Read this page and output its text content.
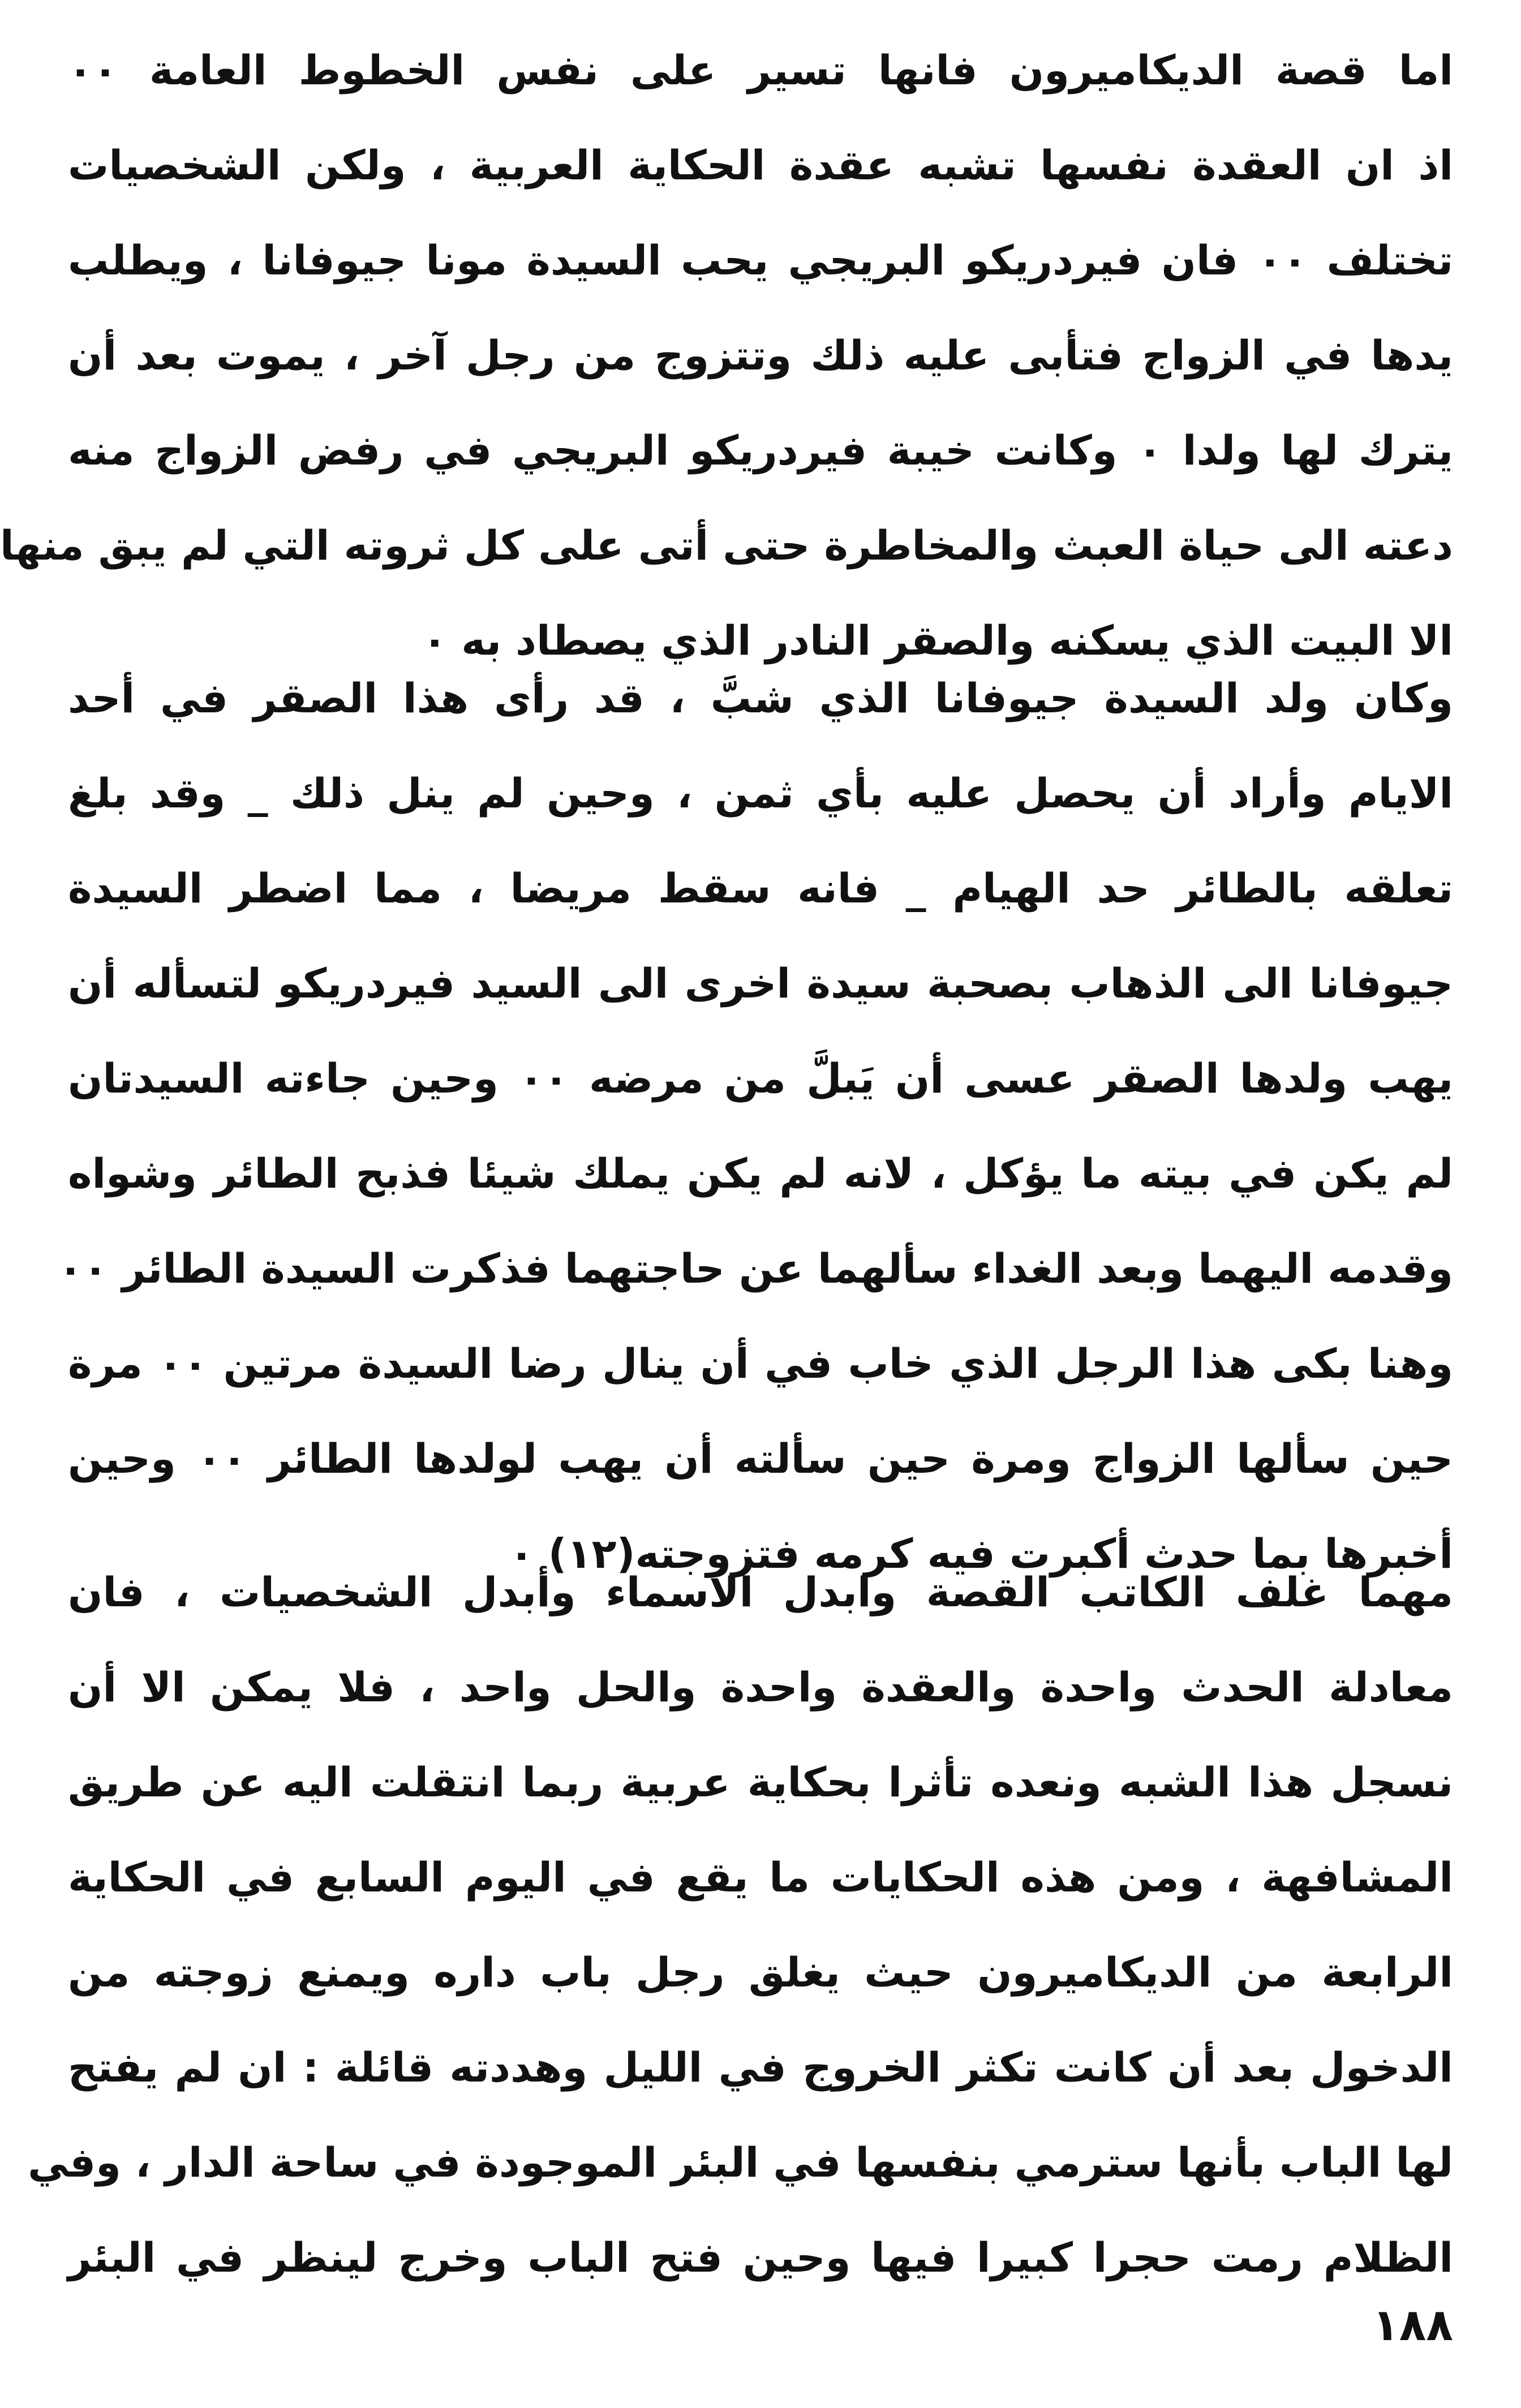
اما قصة الديكاميرون فانها تسير على نفس الخطوط العامة ٠٠
اذ ان العقدة نفسها تشبه عقدة الحكاية العربية ، ولكن الشخصيات
تختلف ٠٠ فان فيردريكو البريجي يحب السيدة مونا جيوفانا ، ويطلب
يدها في الزواج فتأبى عليه ذلك وتتزوج من رجل آخر ، يموت بعد أن
يترك لها ولدا ٠ وكانت خيبة فيردريكو البريجي في رفض الزواج منه
دعته الى حياة العبث والمخاطرة حتى أتى على كل ثروته التي لم يبق منها
الا البيت الذي يسكنه والصقر النادر الذي يصطاد به ٠
وكان ولد السيدة جيوفانا الذي شبَّ ، قد رأى هذا الصقر في أحد
الايام وأراد أن يحصل عليه بأي ثمن ، وحين لم ينل ذلك _ وقد بلغ
تعلقه بالطائر حد الهيام _ فانه سقط مريضا ، مما اضطر السيدة
جيوفانا الى الذهاب بصحبة سيدة اخرى الى السيد فيردريكو لتسأله أن
يهب ولدها الصقر عسى أن يَبلَّ من مرضه ٠٠ وحين جاءته السيدتان
لم يكن في بيته ما يؤكل ، لانه لم يكن يملك شيئا فذبح الطائر وشواه
وقدمه اليهما وبعد الغداء سألهما عن حاجتهما فذكرت السيدة الطائر ٠٠
وهنا بكى هذا الرجل الذي خاب في أن ينال رضا السيدة مرتين ٠٠ مرة
حين سألها الزواج ومرة حين سألته أن يهب لولدها الطائر ٠٠ وحين
أخبرها بما حدث أكبرت فيه كرمه فتزوجته(١٢) ٠
مهما غلف الكاتب القصة وابدل الاسماء وأبدل الشخصيات ، فان
معادلة الحدث واحدة والعقدة واحدة والحل واحد ، فلا يمكن الا أن
نسجل هذا الشبه ونعده تأثرا بحكاية عربية ربما انتقلت اليه عن طريق
المشافهة ، ومن هذه الحكايات ما يقع في اليوم السابع في الحكاية
الرابعة من الديكاميرون حيث يغلق رجل باب داره ويمنع زوجته من
الدخول بعد أن كانت تكثر الخروج في الليل وهددته قائلة : ان لم يفتح
لها الباب بأنها سترمي بنفسها في البئر الموجودة في ساحة الدار ، وفي
الظلام رمت حجرا كبيرا فيها وحين فتح الباب وخرج لينظر في البئر
١٨٨
